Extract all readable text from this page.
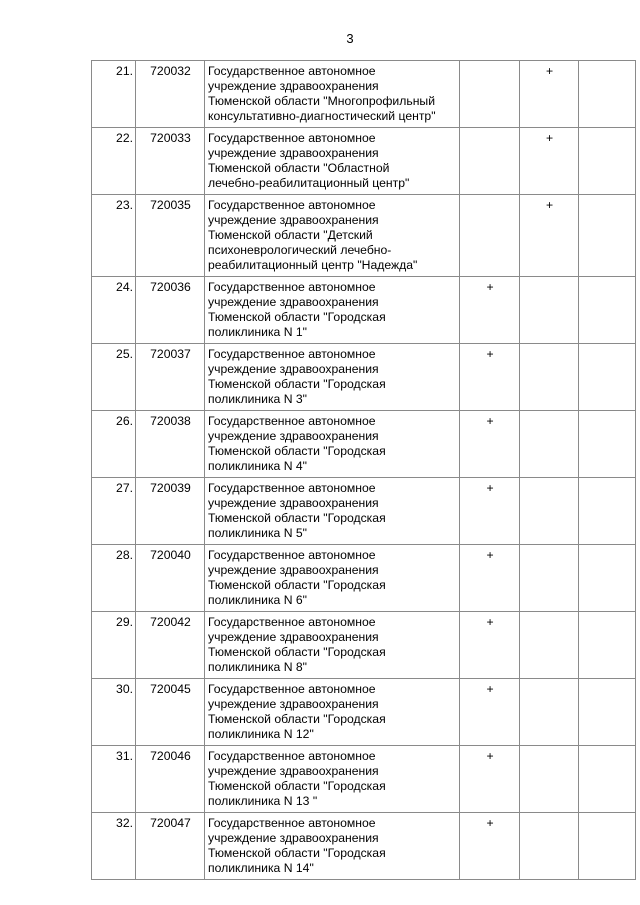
3
21.	720032	Государственное автономное
учреждение здравоохранения
Тюменской области "Многопрофильный
консультативно-диагностический центр"		+	
22.	720033	Государственное автономное
учреждение здравоохранения
Тюменской области "Областной
лечебно-реабилитационный центр"		+	
23.	720035	Государственное автономное
учреждение здравоохранения
Тюменской области "Детский
психоневрологический лечебно-
реабилитационный центр "Надежда"		+	
24.	720036	Государственное автономное
учреждение здравоохранения
Тюменской области "Городская
поликлиника N 1"	+		
25.	720037	Государственное автономное
учреждение здравоохранения
Тюменской области "Городская
поликлиника N 3"	+		
26.	720038	Государственное автономное
учреждение здравоохранения
Тюменской области "Городская
поликлиника N 4"	+		
27.	720039	Государственное автономное
учреждение здравоохранения
Тюменской области "Городская
поликлиника N 5"	+		
28.	720040	Государственное автономное
учреждение здравоохранения
Тюменской области "Городская
поликлиника N 6"	+		
29.	720042	Государственное автономное
учреждение здравоохранения
Тюменской области "Городская
поликлиника N 8"	+		
30.	720045	Государственное автономное
учреждение здравоохранения
Тюменской области "Городская
поликлиника N 12"	+		
31.	720046	Государственное автономное
учреждение здравоохранения
Тюменской области "Городская
поликлиника N 13 "	+		
32.	720047	Государственное автономное
учреждение здравоохранения
Тюменской области "Городская
поликлиника N 14"	+		
